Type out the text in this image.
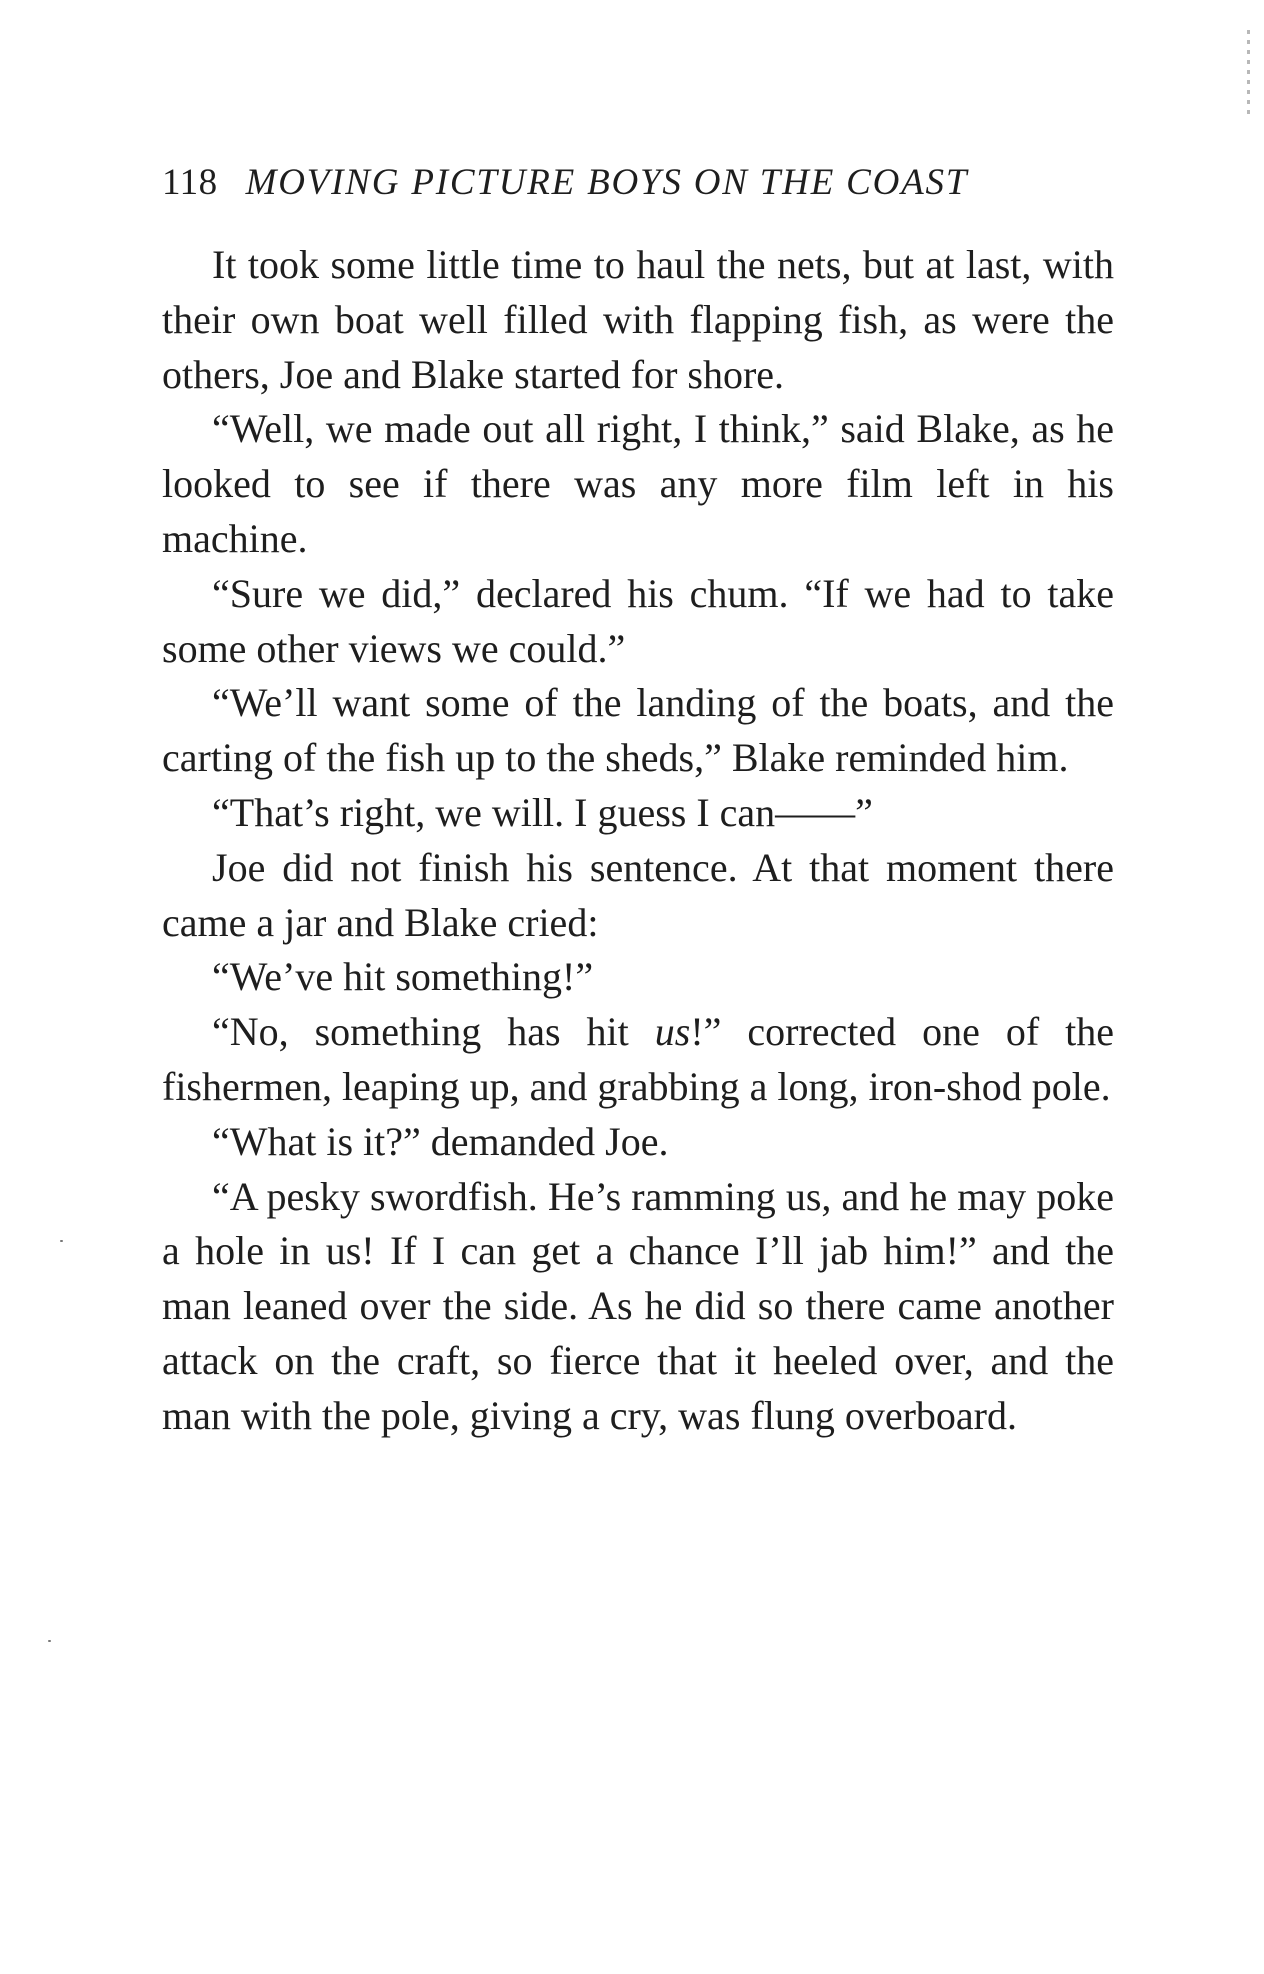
118 MOVING PICTURE BOYS ON THE COAST

It took some little time to haul the nets, but at last, with their own boat well filled with flapping fish, as were the others, Joe and Blake started for shore.

“Well, we made out all right, I think,” said Blake, as he looked to see if there was any more film left in his machine.

“Sure we did,” declared his chum. “If we had to take some other views we could.”

“We’ll want some of the landing of the boats, and the carting of the fish up to the sheds,” Blake reminded him.

“That’s right, we will. I guess I can——”

Joe did not finish his sentence. At that moment there came a jar and Blake cried:

“We’ve hit something!”

“No, something has hit us!” corrected one of the fishermen, leaping up, and grabbing a long, iron-shod pole.

“What is it?” demanded Joe.

“A pesky swordfish. He’s ramming us, and he may poke a hole in us! If I can get a chance I’ll jab him!” and the man leaned over the side. As he did so there came another attack on the craft, so fierce that it heeled over, and the man with the pole, giving a cry, was flung overboard.
